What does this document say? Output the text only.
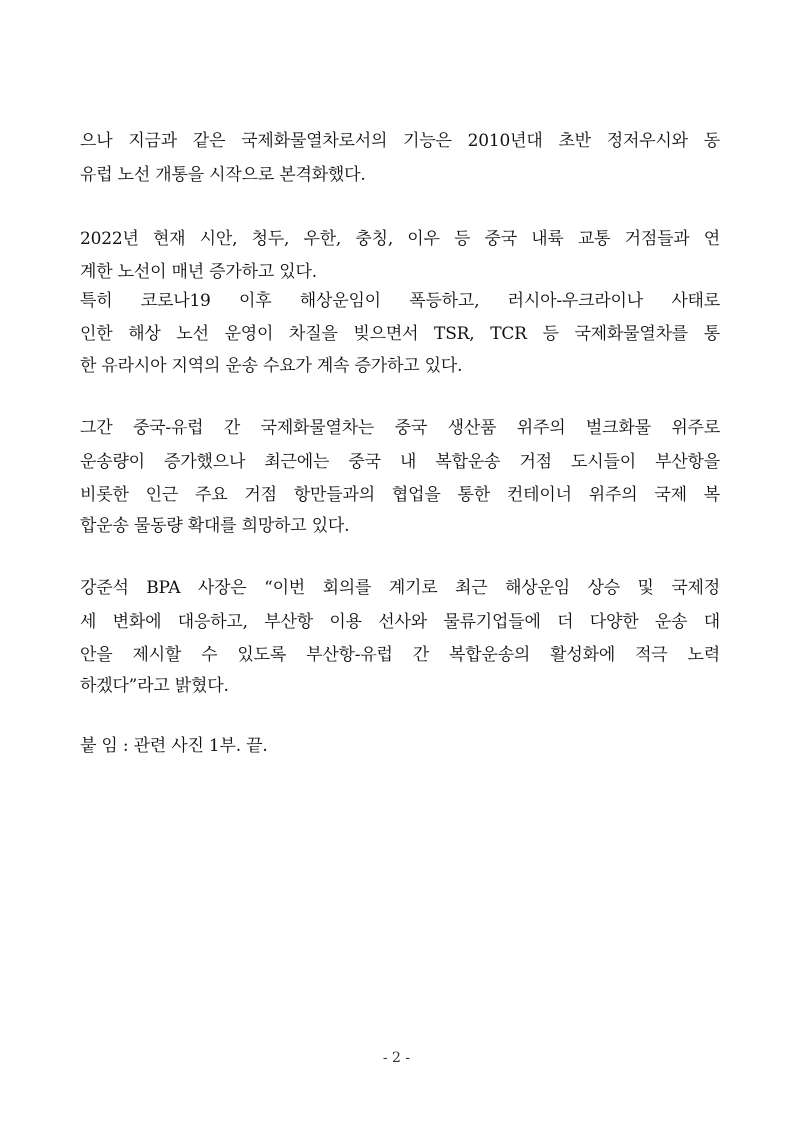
으나 지금과 같은 국제화물열차로서의 기능은 2010년대 초반 정저우시와 동
유럽 노선 개통을 시작으로 본격화했다.
2022년 현재 시안, 청두, 우한, 충칭, 이우 등 중국 내륙 교통 거점들과 연
계한 노선이 매년 증가하고 있다.
특히 코로나19 이후 해상운임이 폭등하고, 러시아-우크라이나 사태로
인한 해상 노선 운영이 차질을 빚으면서 TSR, TCR 등 국제화물열차를 통
한 유라시아 지역의 운송 수요가 계속 증가하고 있다.
그간 중국-유럽 간 국제화물열차는 중국 생산품 위주의 벌크화물 위주로
운송량이 증가했으나 최근에는 중국 내 복합운송 거점 도시들이 부산항을
비롯한 인근 주요 거점 항만들과의 협업을 통한 컨테이너 위주의 국제 복
합운송 물동량 확대를 희망하고 있다.
강준석 BPA 사장은 “이번 회의를 계기로 최근 해상운임 상승 및 국제정
세 변화에 대응하고, 부산항 이용 선사와 물류기업들에 더 다양한 운송 대
안을 제시할 수 있도록 부산항-유럽 간 복합운송의 활성화에 적극 노력
하겠다”라고 밝혔다.
붙 임 : 관련 사진 1부. 끝.
- 2 -
